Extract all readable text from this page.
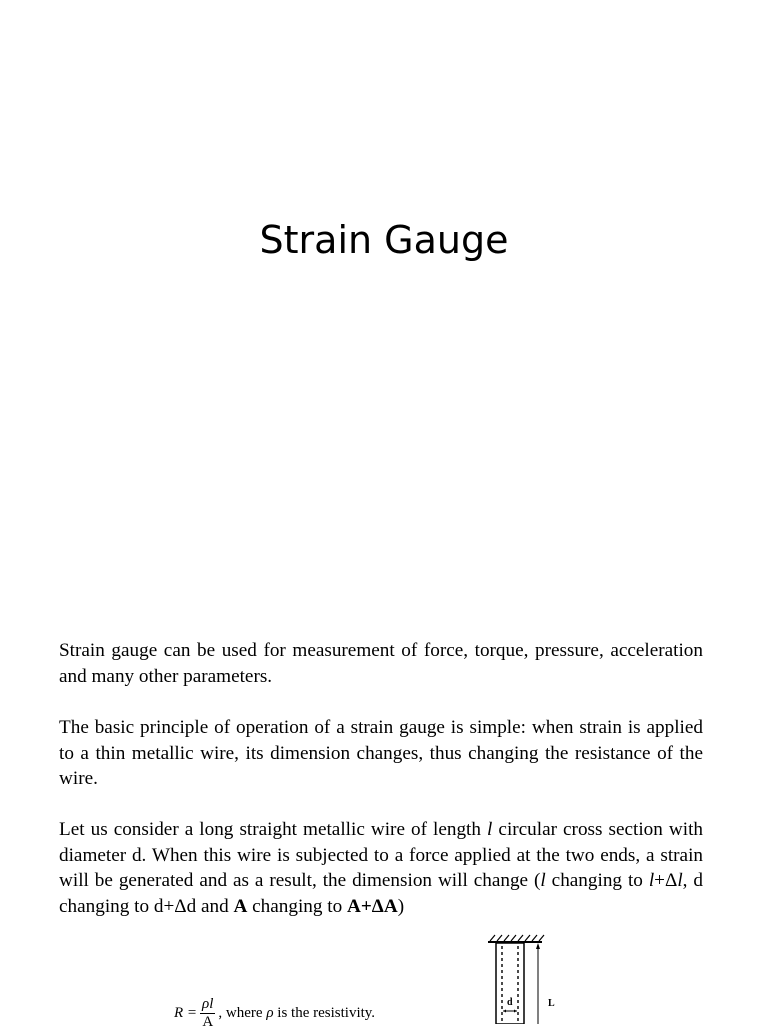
Strain Gauge

Strain gauge can be used for measurement of force, torque, pressure, acceleration and many other parameters.

The basic principle of operation of a strain gauge is simple: when strain is applied to a thin metallic wire, its dimension changes, thus changing the resistance of the wire.

Let us consider a long straight metallic wire of length l circular cross section with diameter d. When this wire is subjected to a force applied at the two ends, a strain will be generated and as a result, the dimension will change (l changing to l+Δl, d changing to d+Δd and A changing to A+ΔA)

$R = \frac{\rho l}{A}$ , where ρ is the resistivity.
d	L
